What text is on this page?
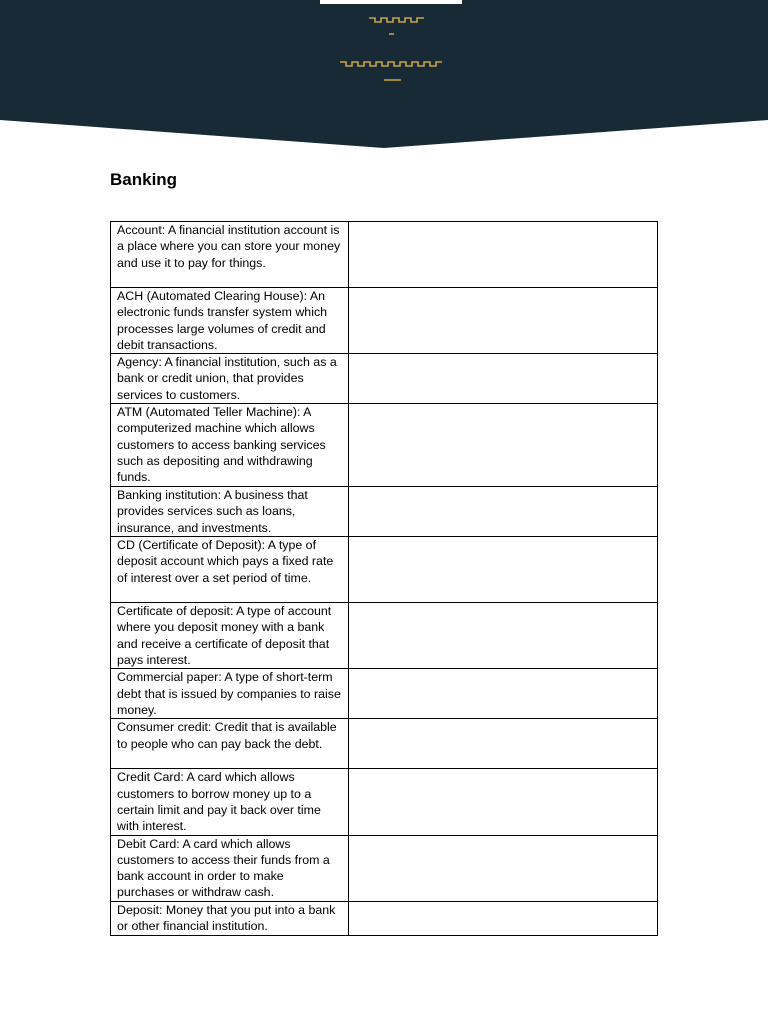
Banking
Account: A financial institution account is a place where you can store your money and use it to pay for things.	
ACH (Automated Clearing House): An electronic funds transfer system which processes large volumes of credit and debit transactions.	
Agency: A financial institution, such as a bank or credit union, that provides services to customers.	
ATM (Automated Teller Machine): A computerized machine which allows customers to access banking services such as depositing and withdrawing funds.	
Banking institution: A business that provides services such as loans, insurance, and investments.	
CD (Certificate of Deposit): A type of deposit account which pays a fixed rate of interest over a set period of time.	
Certificate of deposit: A type of account where you deposit money with a bank and receive a certificate of deposit that pays interest.	
Commercial paper: A type of short-term debt that is issued by companies to raise money.	
Consumer credit: Credit that is available to people who can pay back the debt.	
Credit Card: A card which allows customers to borrow money up to a certain limit and pay it back over time with interest.	
Debit Card: A card which allows customers to access their funds from a bank account in order to make purchases or withdraw cash.	
Deposit: Money that you put into a bank or other financial institution.	
